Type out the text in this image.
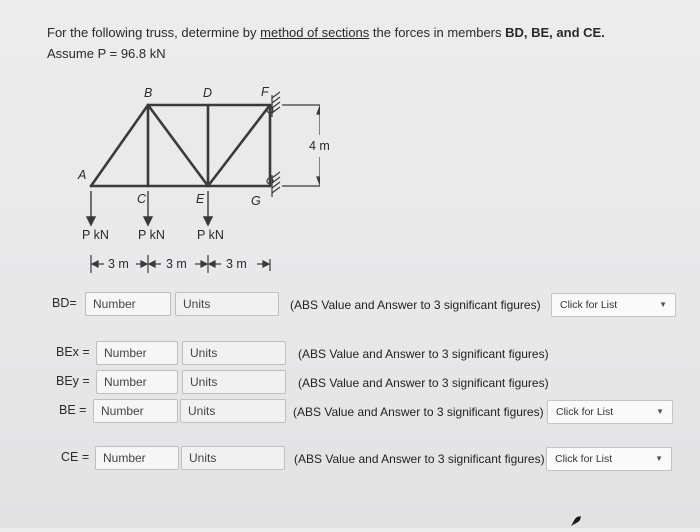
For the following truss, determine by method of sections the forces in members BD, BE, and CE.
Assume P = 96.8 kN
A
B
C
D
E
F
G
P kN P kN	P kN
4 m
3 m	3 m	3 m
BD=	Number	Units	(ABS Value and Answer to 3 significant figures)	Click for List	▼
BEx =	Number	Units	(ABS Value and Answer to 3 significant figures)
BEy =	Number	Units	(ABS Value and Answer to 3 significant figures)
BE =	Number	Units	(ABS Value and Answer to 3 significant figures)	Click for List	▼
CE =	Number	Units	(ABS Value and Answer to 3 significant figures) Click for List	▼
